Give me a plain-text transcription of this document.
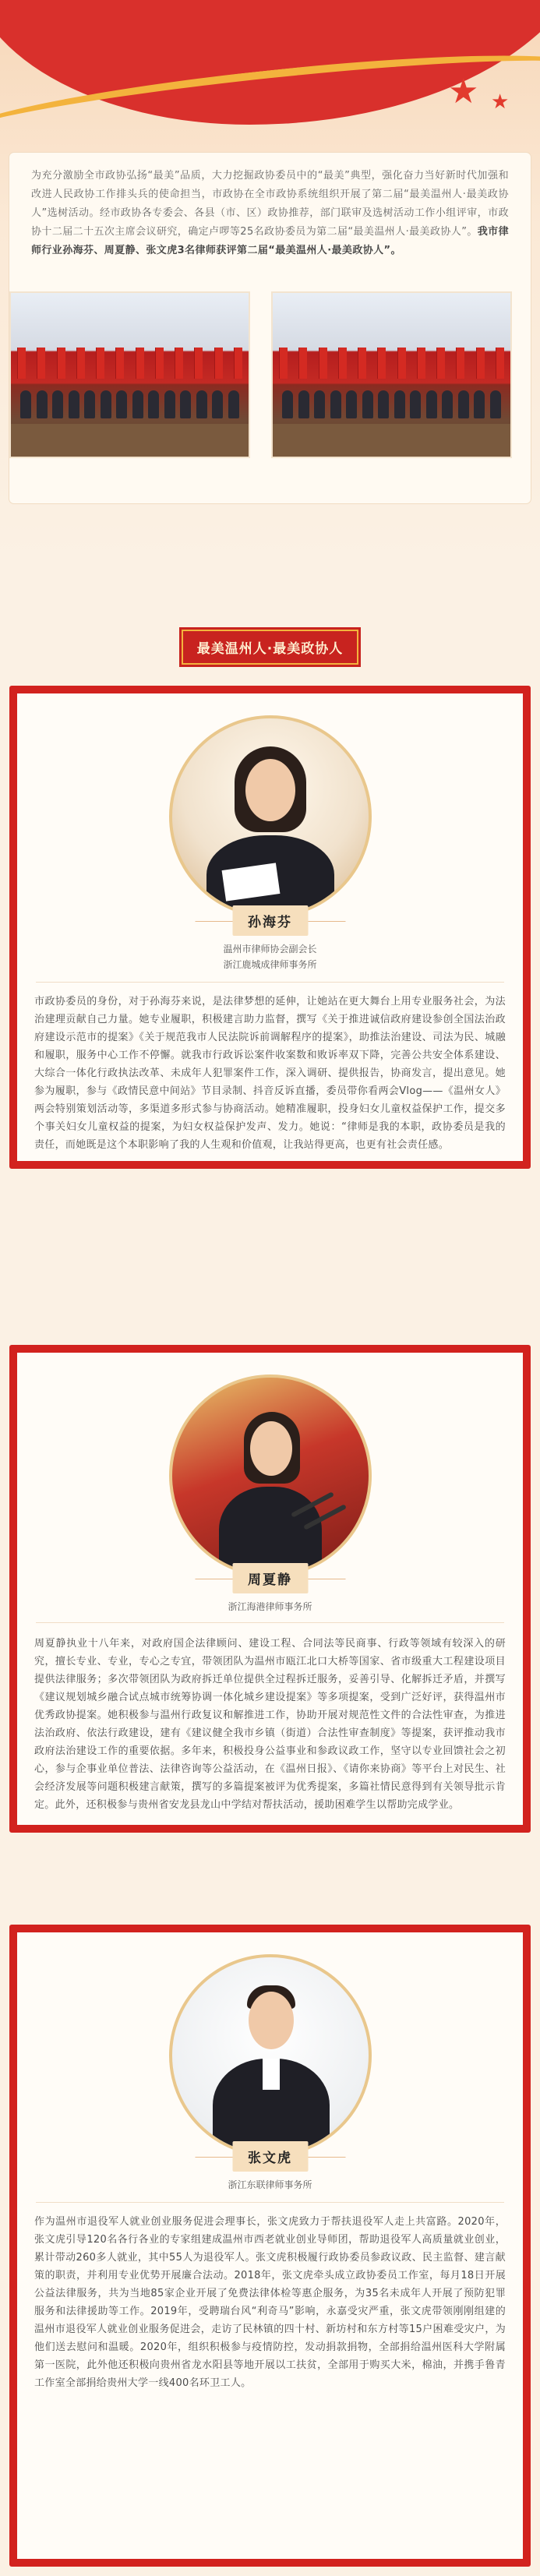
★ ★
为充分激励全市政协弘扬“最美”品质，大力挖掘政协委员中的“最美”典型，强化奋力当好新时代加强和改进人民政协工作排头兵的使命担当，市政协在全市政协系统组织开展了第二届“最美温州人·最美政协人”选树活动。经市政协各专委会、各县（市、区）政协推荐，部门联审及选树活动工作小组评审，市政协十二届二十五次主席会议研究，确定卢啰等25名政协委员为第二届“最美温州人·最美政协人”。我市律师行业孙海芬、周夏静、张文虎3名律师获评第二届“最美温州人·最美政协人”。
最美温州人·最美政协人
孙海芬
温州市律师协会副会长
浙江鹿城成律师事务所
市政协委员的身份，对于孙海芬来说，是法律梦想的延伸，让她站在更大舞台上用专业服务社会，为法治建理贡献自己力量。她专业履职，积极建言助力监督，撰写《关于推进诚信政府建设参创全国法治政府建设示范市的提案》《关于规范我市人民法院诉前调解程序的提案》，助推法治建设、司法为民、城融和履职，服务中心工作不停懈。就我市行政诉讼案件收案数和败诉率双下降，完善公共安全体系建设、大综合一体化行政执法改革、未成年人犯罪案件工作，深入调研、提供报告，协商发言，提出意见。她参为履职，参与《政情民意中间站》节目录制、抖音反诉直播，委员带你看两会Vlog——《温州女人》两会特别策划活动等，多渠道多形式参与协商活动。她精准履职，投身妇女儿童权益保护工作，提交多个事关妇女儿童权益的提案，为妇女权益保护发声、发力。她说：“律师是我的本职，政协委员是我的责任，而她既是这个本职影响了我的人生观和价值观，让我站得更高，也更有社会责任感。
周夏静
浙江海港律师事务所
周夏静执业十八年来，对政府国企法律顾问、建设工程、合同法等民商事、行政等领域有较深入的研究，擅长专业、专业，专心之专宜，带领团队为温州市瓯江北口大桥等国家、省市级重大工程建设项目提供法律服务；多次带领团队为政府拆迁单位提供全过程拆迁服务，妥善引导、化解拆迁矛盾，并撰写《建议规划城乡融合试点城市统筹协调一体化城乡建设提案》等多项提案，受到广泛好评，获得温州市优秀政协提案。她积极参与温州行政复议和解推进工作，协助开展对规范性文件的合法性审查，为推进法治政府、依法行政建设，建有《建议健全我市乡镇（街道）合法性审查制度》等提案，获评推动我市政府法治建设工作的重要依据。多年来，积极投身公益事业和参政议政工作，坚守以专业回馈社会之初心，参与企事业单位普法、法律咨询等公益活动，在《温州日报》、《请你来协商》等平台上对民生、社会经济发展等问题积极建言献策，撰写的多篇提案被评为优秀提案，多篇社情民意得到有关领导批示肯定。此外，还积极参与贵州省安龙县龙山中学结对帮扶活动，援助困难学生以帮助完成学业。
张文虎
浙江东联律师事务所
作为温州市退役军人就业创业服务促进会理事长，张文虎致力于帮扶退役军人走上共富路。2020年，张文虎引导120名各行各业的专家组建成温州市西老就业创业导师团，帮助退役军人高质量就业创业，累计带动260多人就业，其中55人为退役军人。张文虎积极履行政协委员参政议政、民主监督、建言献策的职责，并利用专业优势开展廉合法动。2018年，张文虎牵头成立政协委员工作室，每月18日开展公益法律服务，共为当地85家企业开展了免费法律体检等惠企服务，为35名未成年人开展了预防犯罪服务和法律援助等工作。2019年，受聘瑞台风“利奇马”影响，永嘉受灾严重，张文虎带领刚刚组建的温州市退役军人就业创业服务促进会，走访了民林镇的四十村、新坊村和东方村等15户困难受灾户，为他们送去慰问和温暖。2020年，组织积极参与疫情防控，发动捐款捐物，全部捐给温州医科大学附属第一医院，此外他还积极向贵州省龙水阳县等地开展以工扶贫，全部用于购买大米，棉油，并携手鲁青工作室全部捐给贵州大学一线400名环卫工人。
